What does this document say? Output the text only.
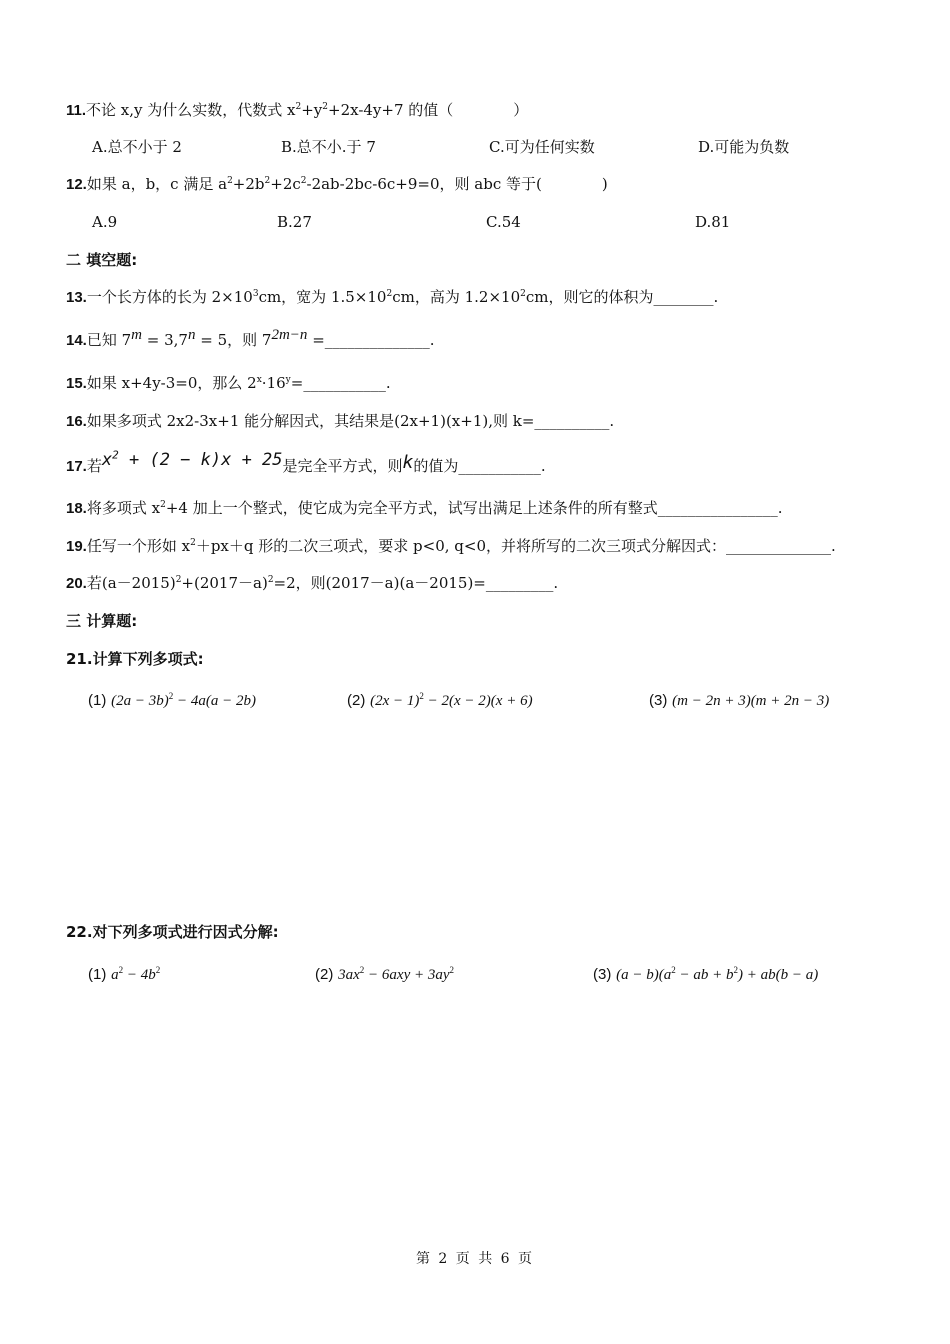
11.不论 x,y 为什么实数，代数式 $x^2+y^2+2x-4y+7$ 的值（　　　　）
A.总不小于 2	B.总不小.于 7	C.可为任何实数	D.可能为负数
12.如果 a，b，c 满足 $a^2+2b^2+2c^2-2ab-2bc-6c+9=0$，则 abc 等于(　　　　)
A.9	B.27	C.54	D.81
二 填空题:
13.一个长方体的长为 $2\times 10^3cm$，宽为 $1.5\times 10^2cm$，高为 $1.2\times 10^2cm$，则它的体积为________.
14.已知 $7^m = 3,7^n = 5$，则 $7^{2m-n}$ =______________.
15.如果 x+4y-3=0，那么 $2^x\cdot 16^y=\_\_\_\_\_\_\_\_\_\_\_$.
16.如果多项式 2x2-3x+1 能分解因式，其结果是(2x+1)(x+1),则 k=__________.
17.若$x^2 + (2 - k)x + 25$是完全平方式，则k的值为___________.
18.将多项式 $x^2+4$ 加上一个整式，使它成为完全平方式，试写出满足上述条件的所有整式________________.
19.任写一个形如 $x^2+px+q$ 形的二次三项式，要求 p<0, q<0，并将所写的二次三项式分解因式：______________.
20.若$(a-2015)^2+(2017-a)^2=2$，则(2017－a)(a－2015)=_________.
三 计算题:
21.计算下列多项式:
(1) $(2a - 3b)^2 - 4a(a - 2b)$	(2) $(2x - 1)^2 - 2(x - 2)(x + 6)$	(3) (m − 2n + 3)(m + 2n − 3)
22.对下列多项式进行因式分解:
(1) $a^2 - 4b^2$	(2) $3ax^2 - 6axy + 3ay^2$	(3) $(a - b)(a^2$ − ab + $b^2) + ab(b - a)$
第 2 页 共 6 页
